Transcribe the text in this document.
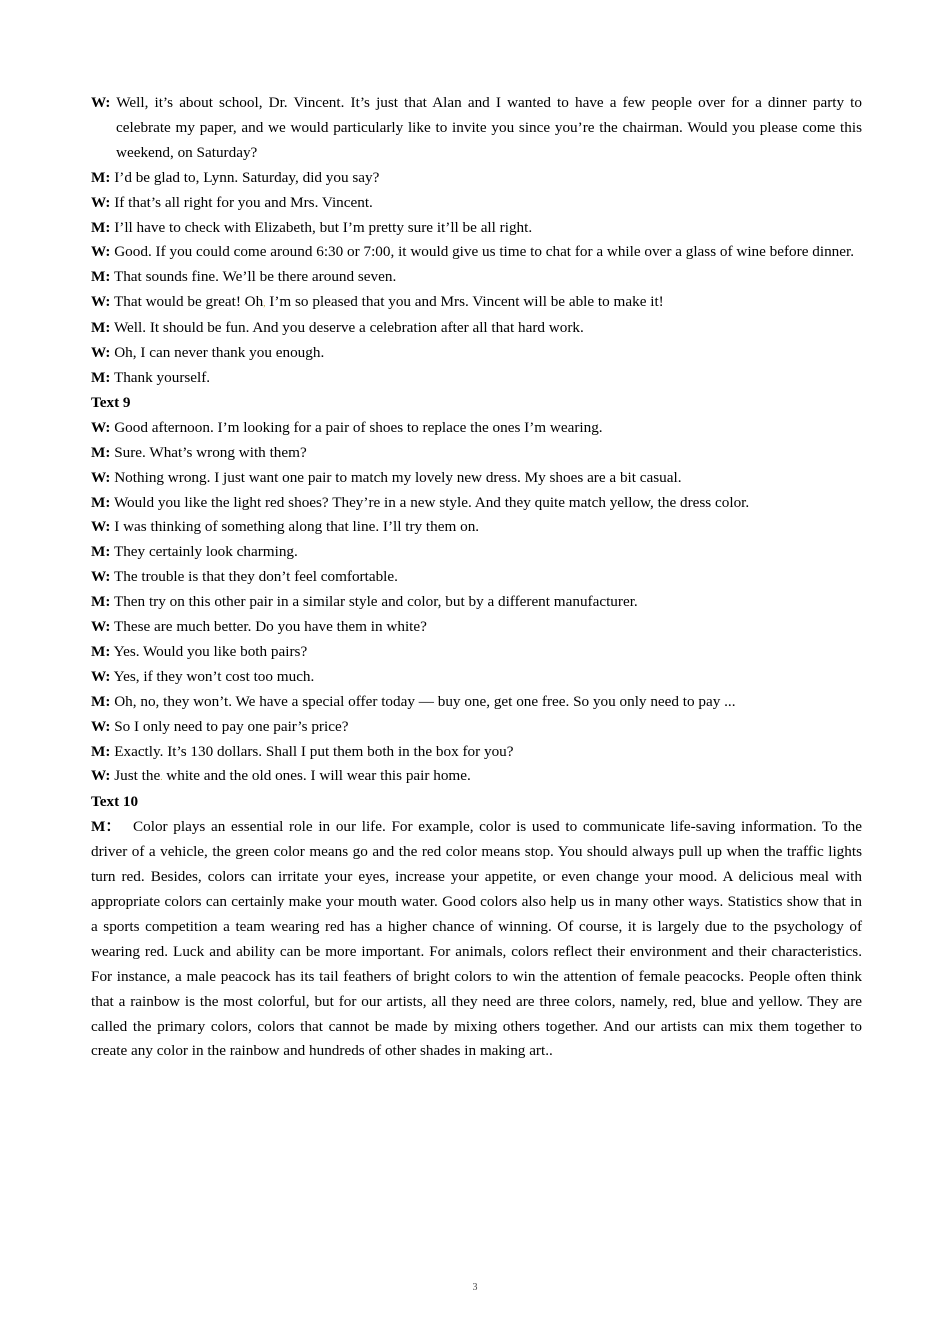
W: Well, it’s about school, Dr. Vincent. It’s just that Alan and I wanted to have a few people over for a dinner party to celebrate my paper, and we would particularly like to invite you since you’re the chairman. Would you please come this weekend, on Saturday?

M: I’d be glad to, Lynn. Saturday, did you say?

W: If that’s all right for you and Mrs. Vincent.

M: I’ll have to check with Elizabeth, but I’m pretty sure it’ll be all right.

W: Good. If you could come around 6:30 or 7:00, it would give us time to chat for a while over a glass of wine before dinner.

M: That sounds fine. We’ll be there around seven.

W: That would be great! Oh, I’m so pleased that you and Mrs. Vincent will be able to make it!

M: Well. It should be fun. And you deserve a celebration after all that hard work.

W: Oh, I can never thank you enough.

M: Thank yourself.

Text 9

W: Good afternoon. I’m looking for a pair of shoes to replace the ones I’m wearing.

M: Sure. What’s wrong with them?

W: Nothing wrong. I just want one pair to match my lovely new dress. My shoes are a bit casual.

M: Would you like the light red shoes? They’re in a new style. And they quite match yellow, the dress color.

W: I was thinking of something along that line. I’ll try them on.

M: They certainly look charming.

W: The trouble is that they don’t feel comfortable.

M: Then try on this other pair in a similar style and color, but by a different manufacturer.

W: These are much better. Do you have them in white?

M: Yes. Would you like both pairs?

W: Yes, if they won’t cost too much.

M: Oh, no, they won’t. We have a special offer today — buy one, get one free. So you only need to pay ...

W: So I only need to pay one pair’s price?

M: Exactly. It’s 130 dollars. Shall I put them both in the box for you?

W: Just the. white and the old ones. I will wear this pair home.

Text 10

M： Color plays an essential role in our life. For example, color is used to communicate life-saving information. To the driver of a vehicle, the green color means go and the red color means stop. You should always pull up when the traffic lights turn red. Besides, colors can irritate your eyes, increase your appetite, or even change your mood. A delicious meal with appropriate colors can certainly make your mouth water. Good colors also help us in many other ways. Statistics show that in a sports competition a team wearing red has a higher chance of winning. Of course, it is largely due to the psychology of wearing red. Luck and ability can be more important. For animals, colors reflect their environment and their characteristics. For instance, a male peacock has its tail feathers of bright colors to win the attention of female peacocks. People often think that a rainbow is the most colorful, but for our artists, all they need are three colors, namely, red, blue and yellow. They are called the primary colors, colors that cannot be made by mixing others together. And our artists can mix them together to create any color in the rainbow and hundreds of other shades in making art..

3
